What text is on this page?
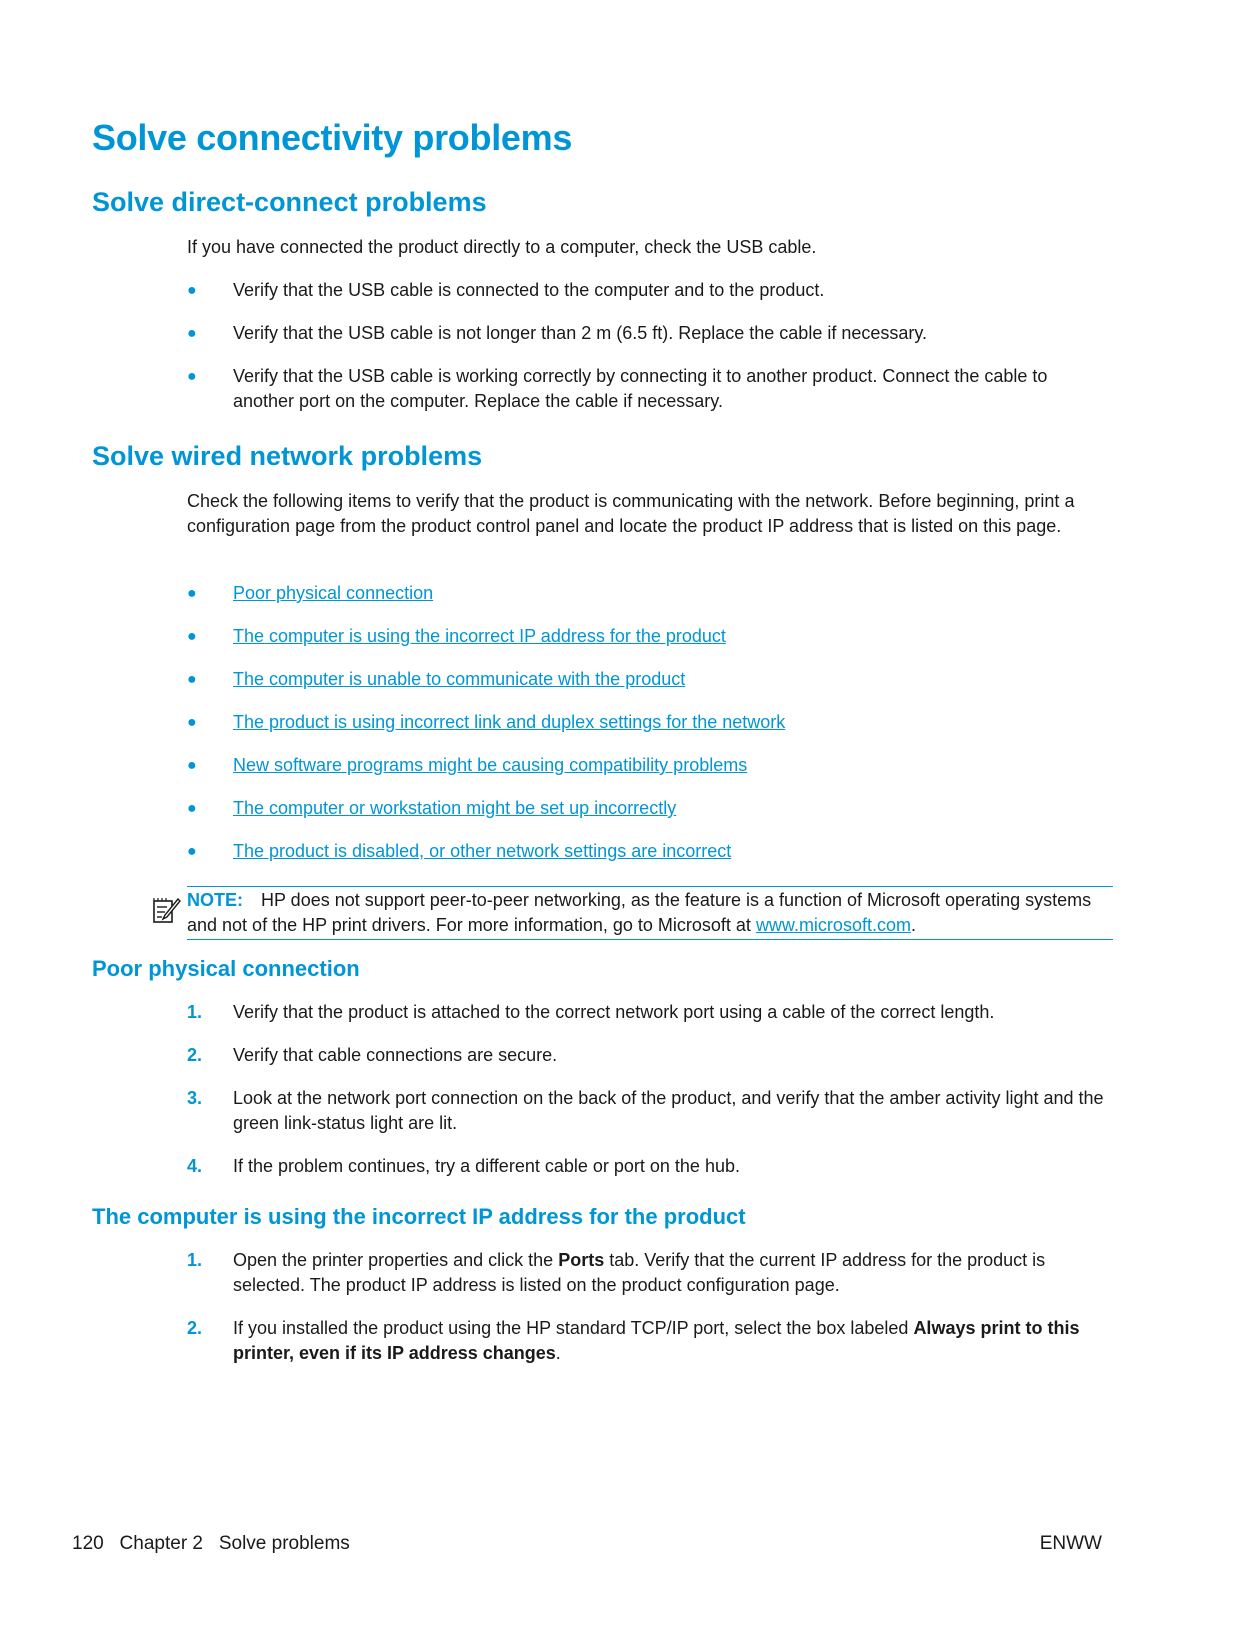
Solve connectivity problems
Solve direct-connect problems

If you have connected the product directly to a computer, check the USB cable.

●	Verify that the USB cable is connected to the computer and to the product.
●	Verify that the USB cable is not longer than 2 m (6.5 ft). Replace the cable if necessary.
●	Verify that the USB cable is working correctly by connecting it to another product. Connect the cable to another port on the computer. Replace the cable if necessary.
Solve wired network problems

Check the following items to verify that the product is communicating with the network. Before beginning, print a configuration page from the product control panel and locate the product IP address that is listed on this page.

●	Poor physical connection
●	The computer is using the incorrect IP address for the product
●	The computer is unable to communicate with the product
●	The product is using incorrect link and duplex settings for the network
●	New software programs might be causing compatibility problems
●	The computer or workstation might be set up incorrectly
●	The product is disabled, or other network settings are incorrect
NOTE: HP does not support peer-to-peer networking, as the feature is a function of Microsoft operating systems and not of the HP print drivers. For more information, go to Microsoft at www.microsoft.com.
Poor physical connection
1.	Verify that the product is attached to the correct network port using a cable of the correct length.
2.	Verify that cable connections are secure.
3.	Look at the network port connection on the back of the product, and verify that the amber activity light and the green link-status light are lit.
4.	If the problem continues, try a different cable or port on the hub.
The computer is using the incorrect IP address for the product
1.	Open the printer properties and click the Ports tab. Verify that the current IP address for the product is selected. The product IP address is listed on the product configuration page.
2.	If you installed the product using the HP standard TCP/IP port, select the box labeled Always print to this printer, even if its IP address changes.
120 Chapter 2 Solve problems	ENWW
